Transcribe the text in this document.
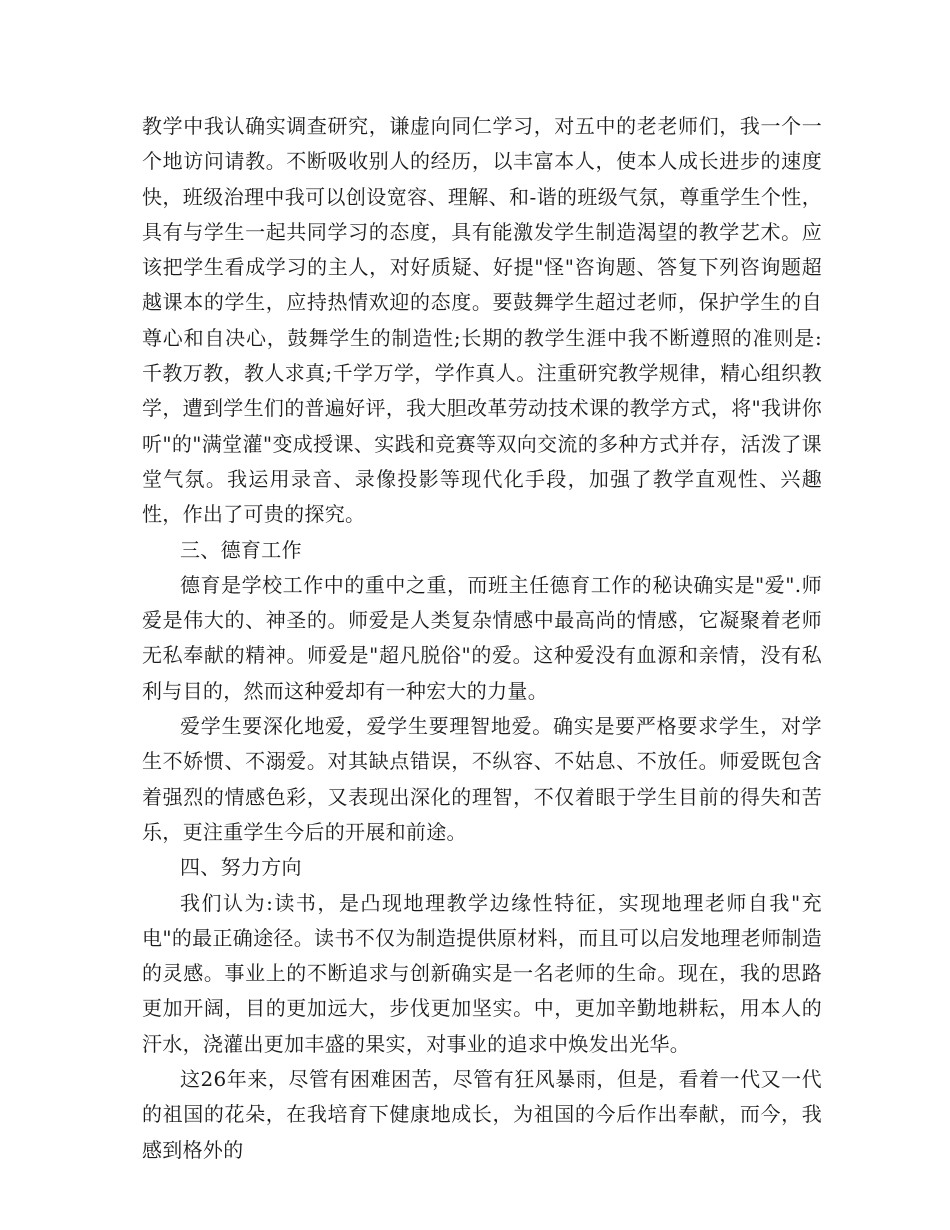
教学中我认确实调查研究，谦虚向同仁学习，对五中的老老师们，我一个一个地访问请教。不断吸收别人的经历，以丰富本人，使本人成长进步的速度快，班级治理中我可以创设宽容、理解、和-谐的班级气氛，尊重学生个性，具有与学生一起共同学习的态度，具有能激发学生制造渴望的教学艺术。应该把学生看成学习的主人，对好质疑、好提"怪"咨询题、答复下列咨询题超越课本的学生，应持热情欢迎的态度。要鼓舞学生超过老师，保护学生的自尊心和自决心，鼓舞学生的制造性;长期的教学生涯中我不断遵照的准则是:千教万教，教人求真;千学万学，学作真人。注重研究教学规律，精心组织教学，遭到学生们的普遍好评，我大胆改革劳动技术课的教学方式，将"我讲你听"的"满堂灌"变成授课、实践和竞赛等双向交流的多种方式并存，活泼了课堂气氛。我运用录音、录像投影等现代化手段，加强了教学直观性、兴趣性，作出了可贵的探究。

三、德育工作

德育是学校工作中的重中之重，而班主任德育工作的秘诀确实是"爱".师爱是伟大的、神圣的。师爱是人类复杂情感中最高尚的情感，它凝聚着老师无私奉献的精神。师爱是"超凡脱俗"的爱。这种爱没有血源和亲情，没有私利与目的，然而这种爱却有一种宏大的力量。

爱学生要深化地爱，爱学生要理智地爱。确实是要严格要求学生，对学生不娇惯、不溺爱。对其缺点错误，不纵容、不姑息、不放任。师爱既包含着强烈的情感色彩，又表现出深化的理智，不仅着眼于学生目前的得失和苦乐，更注重学生今后的开展和前途。

四、努力方向

我们认为:读书，是凸现地理教学边缘性特征，实现地理老师自我"充电"的最正确途径。读书不仅为制造提供原材料，而且可以启发地理老师制造的灵感。事业上的不断追求与创新确实是一名老师的生命。现在，我的思路更加开阔，目的更加远大，步伐更加坚实。中，更加辛勤地耕耘，用本人的汗水，浇灌出更加丰盛的果实，对事业的追求中焕发出光华。

这26年来，尽管有困难困苦，尽管有狂风暴雨，但是，看着一代又一代的祖国的花朵，在我培育下健康地成长，为祖国的今后作出奉献，而今，我感到格外的
